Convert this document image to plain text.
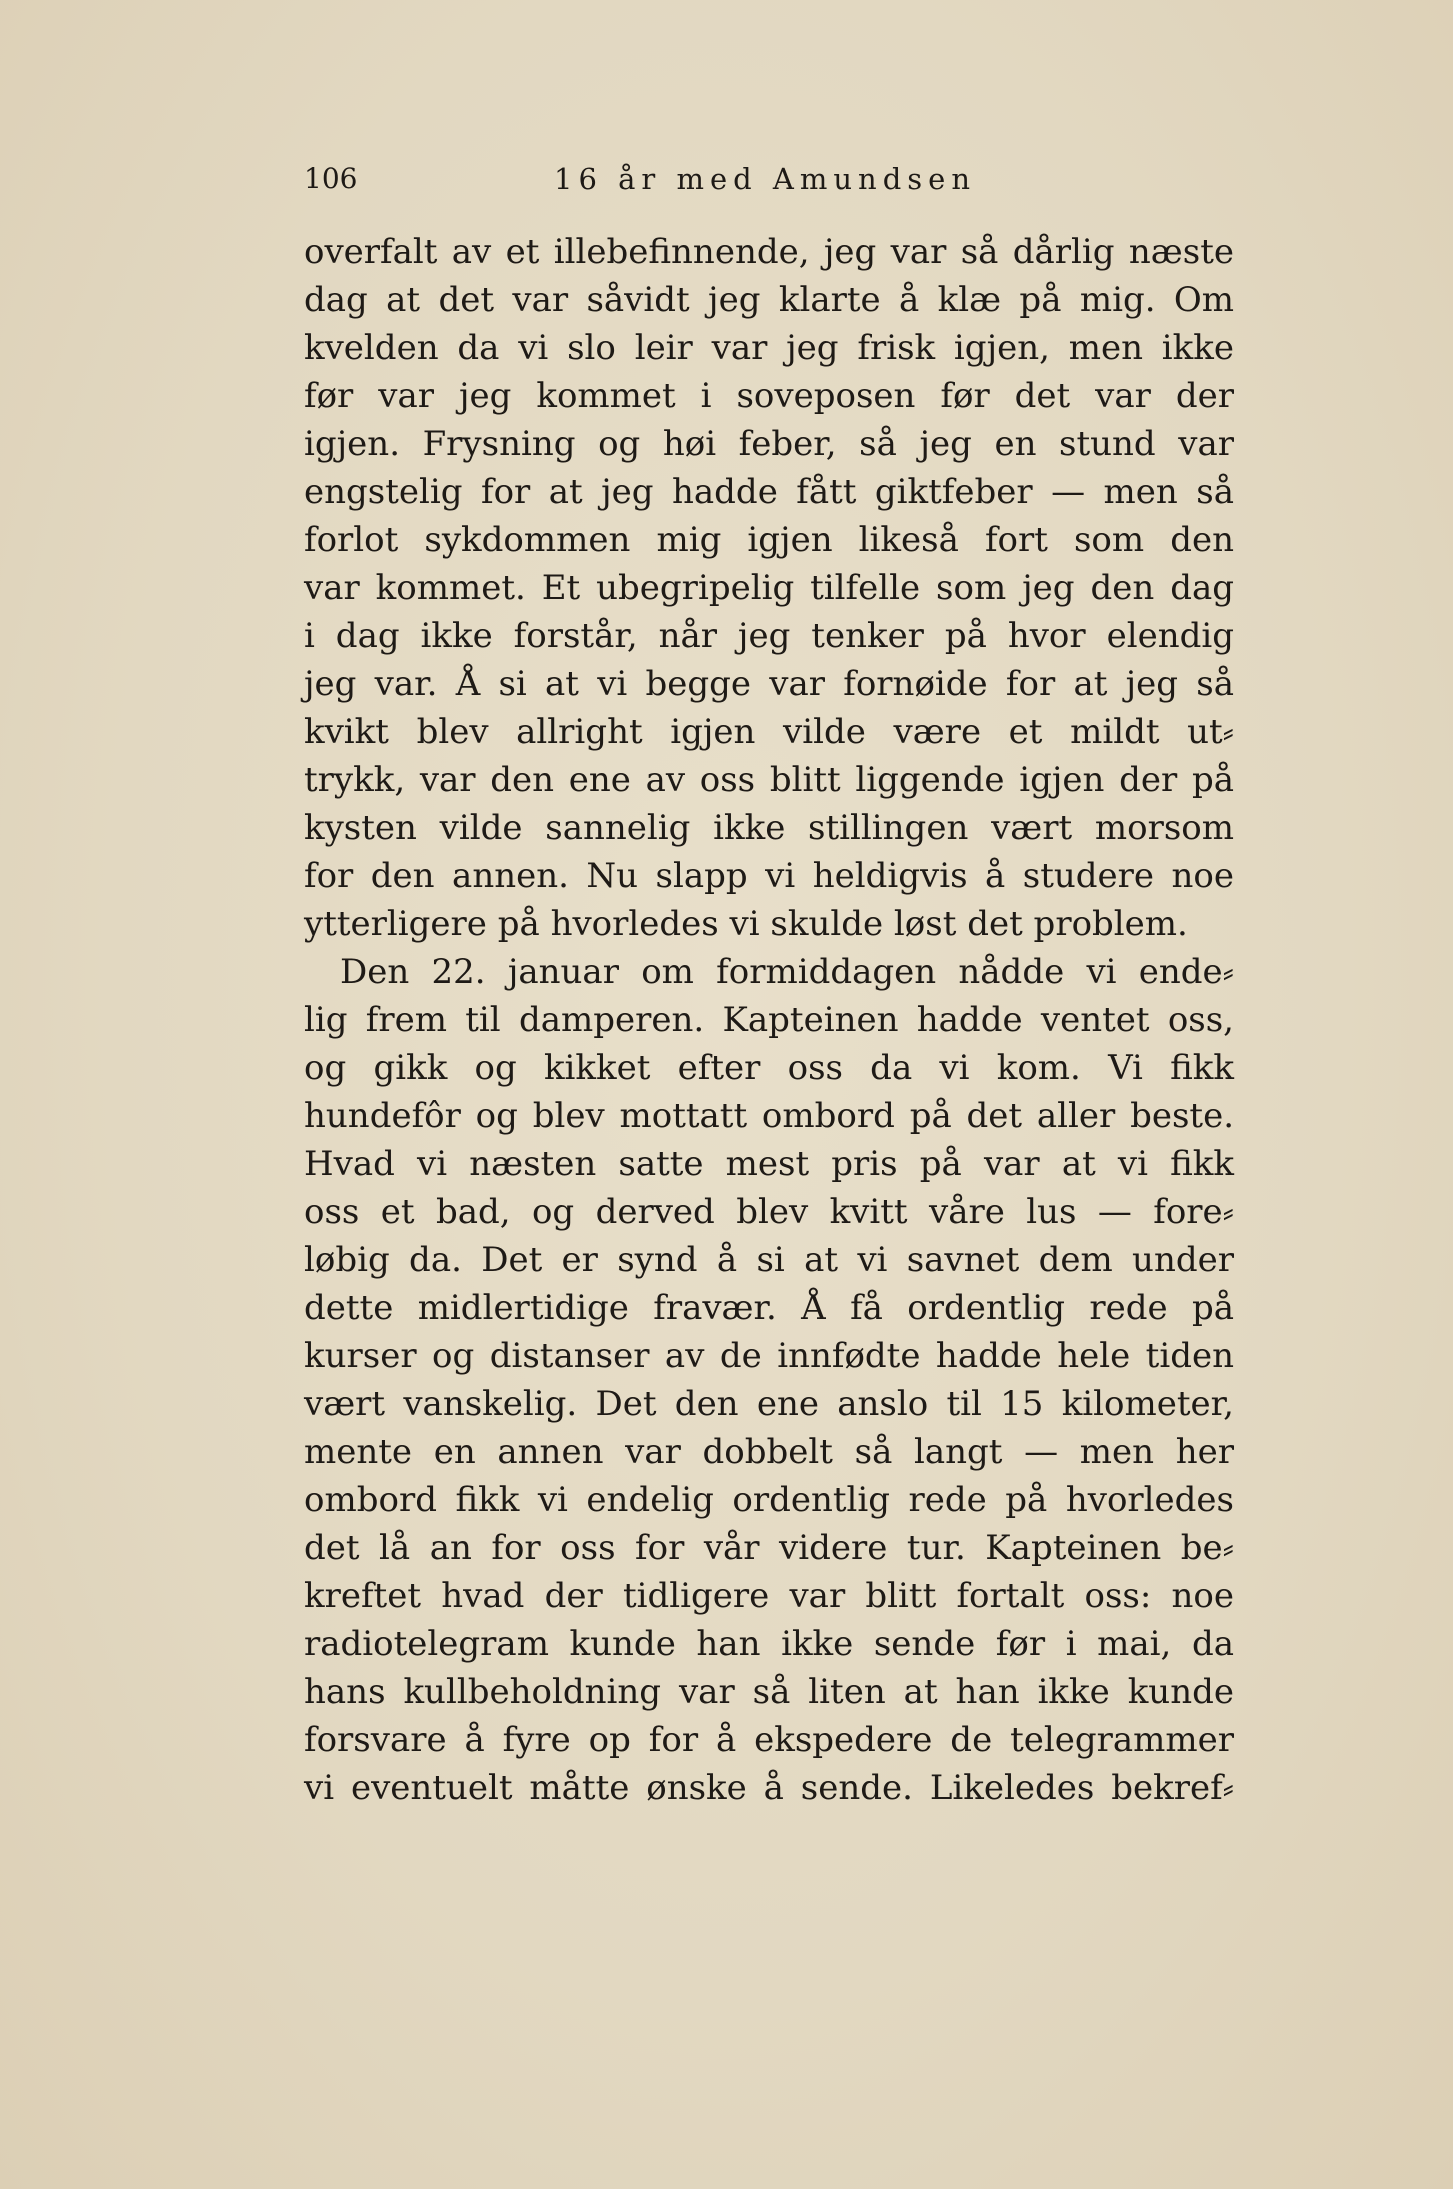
106	16 år med Amundsen
overfalt av et illebefinnende, jeg var så dårlig næste
dag at det var såvidt jeg klarte å klæ på mig. Om
kvelden da vi slo leir var jeg frisk igjen, men ikke
før var jeg kommet i soveposen før det var der
igjen. Frysning og høi feber, så jeg en stund var
engstelig for at jeg hadde fått giktfeber — men så
forlot sykdommen mig igjen likeså fort som den
var kommet. Et ubegripelig tilfelle som jeg den dag
i dag ikke forstår, når jeg tenker på hvor elendig
jeg var. Å si at vi begge var fornøide for at jeg så
kvikt blev allright igjen vilde være et mildt ut⸗
trykk, var den ene av oss blitt liggende igjen der på
kysten vilde sannelig ikke stillingen vært morsom
for den annen. Nu slapp vi heldigvis å studere noe
ytterligere på hvorledes vi skulde løst det problem.
Den 22. januar om formiddagen nådde vi ende⸗
lig frem til damperen. Kapteinen hadde ventet oss,
og gikk og kikket efter oss da vi kom. Vi fikk
hundefôr og blev mottatt ombord på det aller beste.
Hvad vi næsten satte mest pris på var at vi fikk
oss et bad, og derved blev kvitt våre lus — fore⸗
løbig da. Det er synd å si at vi savnet dem under
dette midlertidige fravær. Å få ordentlig rede på
kurser og distanser av de innfødte hadde hele tiden
vært vanskelig. Det den ene anslo til 15 kilometer,
mente en annen var dobbelt så langt — men her
ombord fikk vi endelig ordentlig rede på hvorledes
det lå an for oss for vår videre tur. Kapteinen be⸗
kreftet hvad der tidligere var blitt fortalt oss: noe
radiotelegram kunde han ikke sende før i mai, da
hans kullbeholdning var så liten at han ikke kunde
forsvare å fyre op for å ekspedere de telegrammer
vi eventuelt måtte ønske å sende. Likeledes bekref⸗
